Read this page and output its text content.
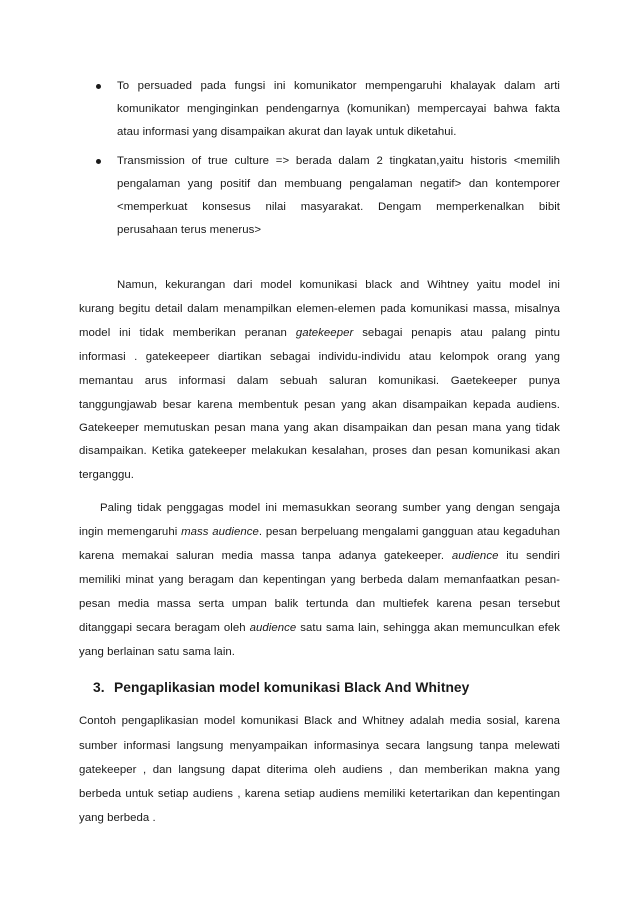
To persuaded pada fungsi ini komunikator mempengaruhi khalayak dalam arti

komunikator menginginkan pendengarnya (komunikan) mempercayai bahwa fakta

atau informasi yang disampaikan akurat dan layak untuk diketahui.

Transmission of true culture => berada dalam 2 tingkatan,yaitu historis <memilih

pengalaman yang positif dan membuang pengalaman negatif> dan kontemporer

<memperkuat konsesus nilai masyarakat. Dengam memperkenalkan bibit

perusahaan terus menerus>

Namun, kekurangan dari model komunikasi black and Wihtney yaitu model ini

kurang begitu detail dalam menampilkan elemen-elemen pada komunikasi massa, misalnya

model ini tidak memberikan peranan gatekeeper sebagai penapis atau palang pintu

informasi . gatekeepeer diartikan sebagai individu-individu atau kelompok orang yang

memantau arus informasi dalam sebuah saluran komunikasi. Gaetekeeper punya

tanggungjawab besar karena membentuk pesan yang akan disampaikan kepada audiens.

Gatekeeper memutuskan pesan mana yang akan disampaikan dan pesan mana yang tidak

disampaikan. Ketika gatekeeper melakukan kesalahan, proses dan pesan komunikasi akan

terganggu.

Paling tidak penggagas model ini memasukkan seorang sumber yang dengan sengaja

ingin memengaruhi mass audience. pesan berpeluang mengalami gangguan atau kegaduhan

karena memakai saluran media massa tanpa adanya gatekeeper. audience itu sendiri

memiliki minat yang beragam dan kepentingan yang berbeda dalam memanfaatkan pesan-

pesan media massa serta umpan balik tertunda dan multiefek karena pesan tersebut

ditanggapi secara beragam oleh audience satu sama lain, sehingga akan memunculkan efek

yang berlainan satu sama lain.

3. Pengaplikasian model komunikasi Black And Whitney

Contoh pengaplikasian model komunikasi Black and Whitney adalah media sosial, karena

sumber informasi langsung menyampaikan informasinya secara langsung tanpa melewati

gatekeeper , dan langsung dapat diterima oleh audiens , dan memberikan makna yang

berbeda untuk setiap audiens , karena setiap audiens memiliki ketertarikan dan kepentingan

yang berbeda .
